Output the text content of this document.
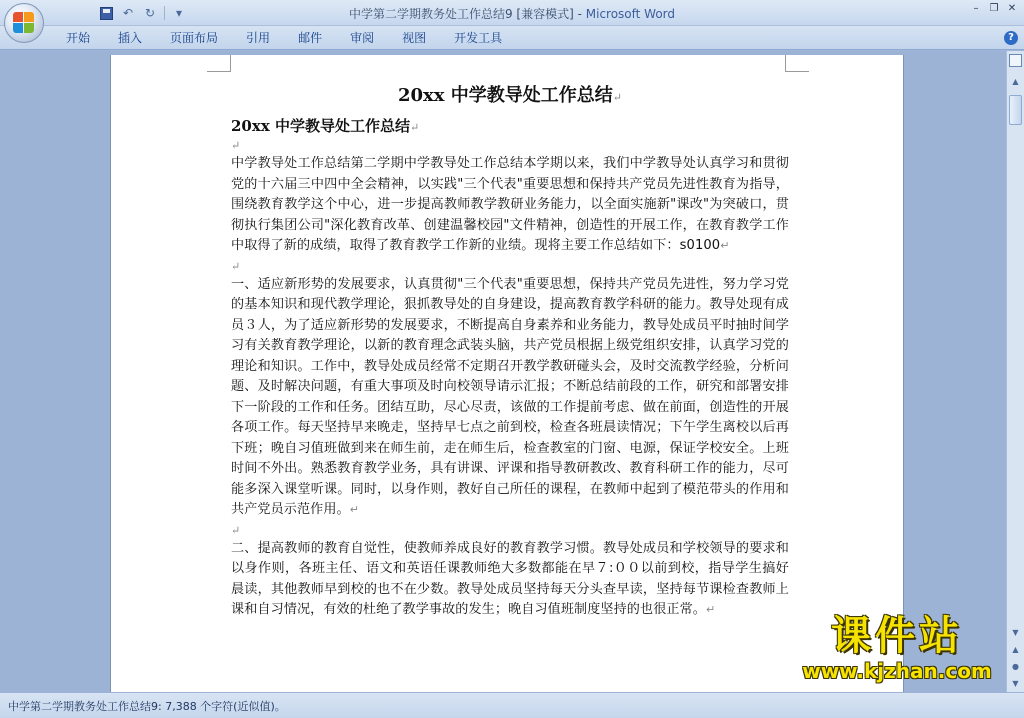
↶ ↻	▾	中学第二学期教务处工作总结9 [兼容模式] - Microsoft Word	–	❐ ✕
开始	插入	页面布局	引用	邮件	审阅	视图	开发工具	?
20xx 中学教导处工作总结↵
20xx 中学教导处工作总结↵
↵
中学教导处工作总结第二学期中学教导处工作总结本学期以来，我们中学教导处认真学习和贯彻党的十六届三中四中全会精神，以实践"三个代表"重要思想和保持共产党员先进性教育为指导，围绕教育教学这个中心，进一步提高教师教学教研业务能力，以全面实施新"课改"为突破口，贯彻执行集团公司"深化教育改革、创建温馨校园"文件精神，创造性的开展工作，在教育教学工作中取得了新的成绩，取得了教育教学工作新的业绩。现将主要工作总结如下：s0100↵
↵
一、适应新形势的发展要求，认真贯彻"三个代表"重要思想，保持共产党员先进性，努力学习党的基本知识和现代教学理论，狠抓教导处的自身建设，提高教育教学科研的能力。教导处现有成员３人，为了适应新形势的发展要求，不断提高自身素养和业务能力，教导处成员平时抽时间学习有关教育教学理论，以新的教育理念武装头脑，共产党员根据上级党组织安排，认真学习党的理论和知识。工作中，教导处成员经常不定期召开教学教研碰头会，及时交流教学经验，分析问题、及时解决问题，有重大事项及时向校领导请示汇报；不断总结前段的工作，研究和部署安排下一阶段的工作和任务。团结互助，尽心尽责，该做的工作提前考虑、做在前面，创造性的开展各项工作。每天坚持早来晚走，坚持早七点之前到校，检查各班晨读情况；下午学生离校以后再下班；晚自习值班做到来在师生前，走在师生后，检查教室的门窗、电源，保证学校安全。上班时间不外出。熟悉教育教学业务，具有讲课、评课和指导教研教改、教育科研工作的能力，尽可能多深入课堂听课。同时，以身作则，教好自己所任的课程，在教师中起到了模范带头的作用和共产党员示范作用。↵
↵
二、提高教师的教育自觉性，使教师养成良好的教育教学习惯。教导处成员和学校领导的要求和以身作则，各班主任、语文和英语任课教师绝大多数都能在早７:００以前到校，指导学生搞好晨读，其他教师早到校的也不在少数。教导处成员坚持每天分头查早读，坚持每节课检查教师上课和自习情况，有效的杜绝了教学事故的发生；晚自习值班制度坚持的也很正常。↵
▲
▼
▲
●
▼
课件站
www.kjzhan.com
中学第二学期教务处工作总结9: 7,388 个字符(近似值)。
